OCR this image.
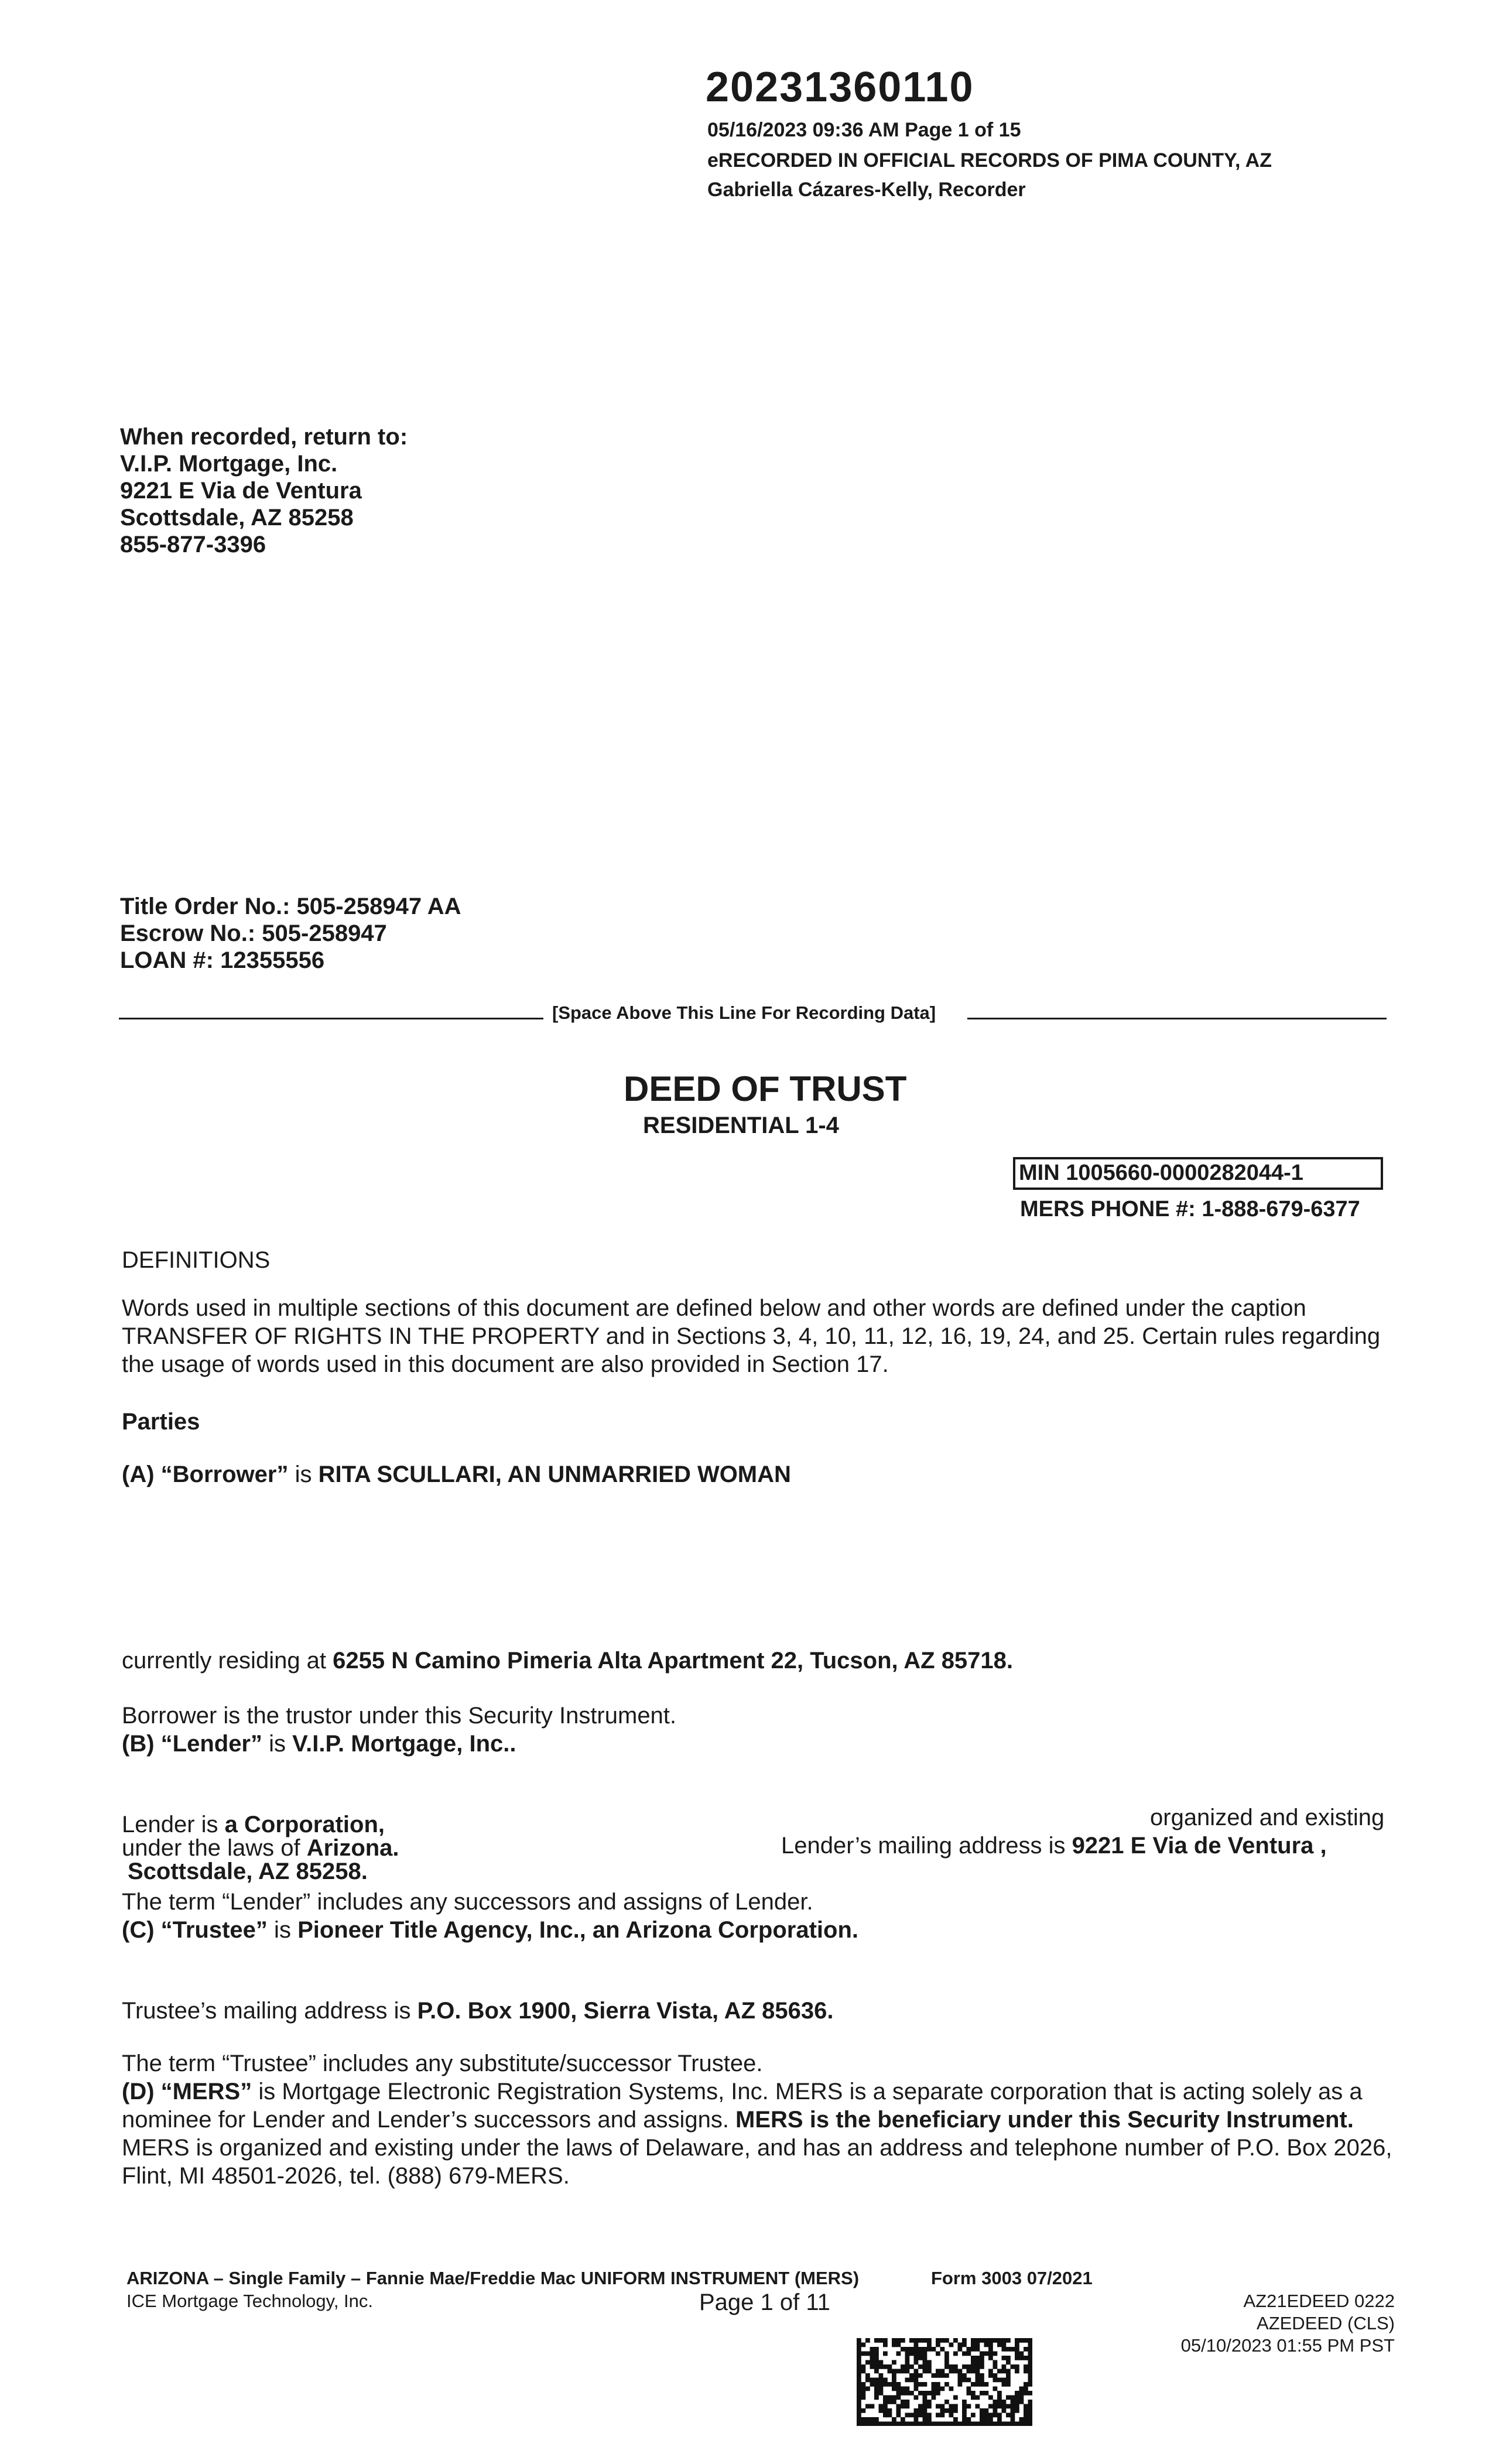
20231360110
05/16/2023 09:36 AM Page 1 of 15
eRECORDED IN OFFICIAL RECORDS OF PIMA COUNTY, AZ
Gabriella Cázares-Kelly, Recorder
When recorded, return to:
V.I.P. Mortgage, Inc.
9221 E Via de Ventura
Scottsdale, AZ 85258
855-877-3396
Title Order No.: 505-258947 AA
Escrow No.: 505-258947
LOAN #: 12355556
[Space Above This Line For Recording Data]
DEED OF TRUST
RESIDENTIAL 1-4
MIN 1005660-0000282044-1
MERS PHONE #: 1-888-679-6377
DEFINITIONS
Words used in multiple sections of this document are defined below and other words are defined under the caption TRANSFER OF RIGHTS IN THE PROPERTY and in Sections 3, 4, 10, 11, 12, 16, 19, 24, and 25. Certain rules regarding the usage of words used in this document are also provided in Section 17.
Parties
(A) “Borrower” is RITA SCULLARI, AN UNMARRIED WOMAN
currently residing at 6255 N Camino Pimeria Alta Apartment 22, Tucson, AZ 85718.
Borrower is the trustor under this Security Instrument.
(B) “Lender” is V.I.P. Mortgage, Inc..
Lender is a Corporation,	organized and existing
under the laws of Arizona.	Lender’s mailing address is 9221 E Via de Ventura ,
Scottsdale, AZ 85258.
The term “Lender” includes any successors and assigns of Lender.
(C) “Trustee” is Pioneer Title Agency, Inc., an Arizona Corporation.
Trustee’s mailing address is P.O. Box 1900, Sierra Vista, AZ 85636.
The term “Trustee” includes any substitute/successor Trustee.
(D) “MERS” is Mortgage Electronic Registration Systems, Inc. MERS is a separate corporation that is acting solely as a nominee for Lender and Lender’s successors and assigns. MERS is the beneficiary under this Security Instrument. MERS is organized and existing under the laws of Delaware, and has an address and telephone number of P.O. Box 2026, Flint, MI 48501-2026, tel. (888) 679-MERS.
ARIZONA – Single Family – Fannie Mae/Freddie Mac UNIFORM INSTRUMENT (MERS)	Form 3003 07/2021
ICE Mortgage Technology, Inc.	Page 1 of 11	AZ21EDEED 0222
AZEDEED (CLS)
05/10/2023 01:55 PM PST
